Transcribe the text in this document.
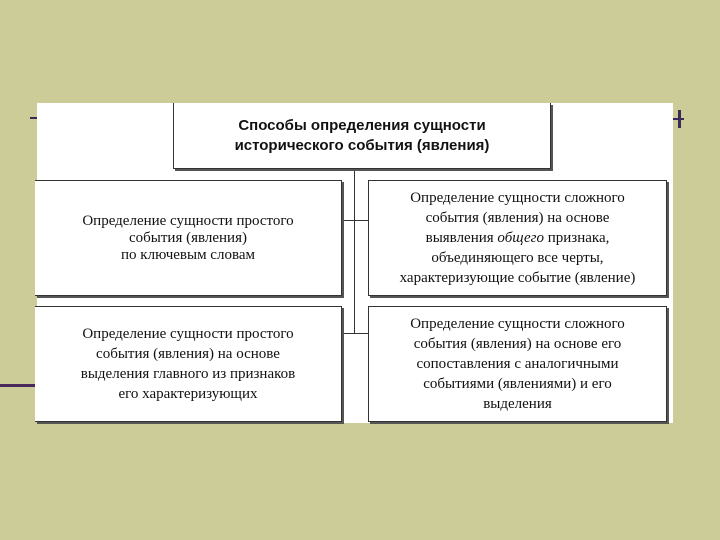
Способы определения сущности
исторического события (явления)
Определение сущности простого
события (явления)
по ключевым словам
Определение сущности сложного
события (явления) на основе
выявления общего признака,
объединяющего все черты,
характеризующие событие (явление)
Определение сущности простого
события (явления) на основе
выделения главного из признаков
его характеризующих
Определение сущности сложного
события (явления) на основе его
сопоставления с аналогичными
событиями (явлениями) и его
выделения
